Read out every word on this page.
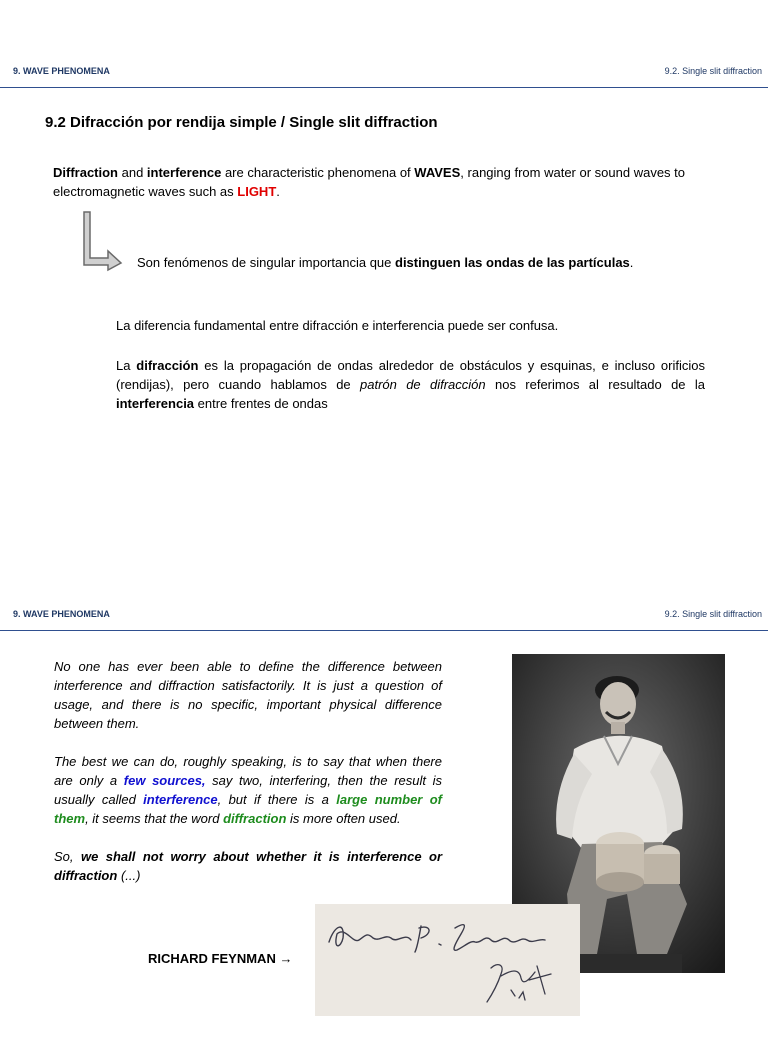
9. WAVE PHENOMENA	9.2. Single slit diffraction
9.2 Difracción por rendija simple / Single slit diffraction
Diffraction and interference are characteristic phenomena of WAVES, ranging from water or sound waves to electromagnetic waves such as LIGHT.
Son fenómenos de singular importancia que distinguen las ondas de las partículas.
La diferencia fundamental entre difracción e interferencia puede ser confusa.
La difracción es la propagación de ondas alrededor de obstáculos y esquinas, e incluso orificios (rendijas), pero cuando hablamos de patrón de difracción nos referimos al resultado de la interferencia entre frentes de ondas
9. WAVE PHENOMENA	9.2. Single slit diffraction

No one has ever been able to define the difference between interference and diffraction satisfactorily. It is just a question of usage, and there is no specific, important physical difference between them.

The best we can do, roughly speaking, is to say that when there are only a few sources, say two, interfering, then the result is usually called interference, but if there is a large number of them, it seems that the word diffraction is more often used.

So, we shall not worry about whether it is interference or diffraction (...)

RICHARD FEYNMAN →
